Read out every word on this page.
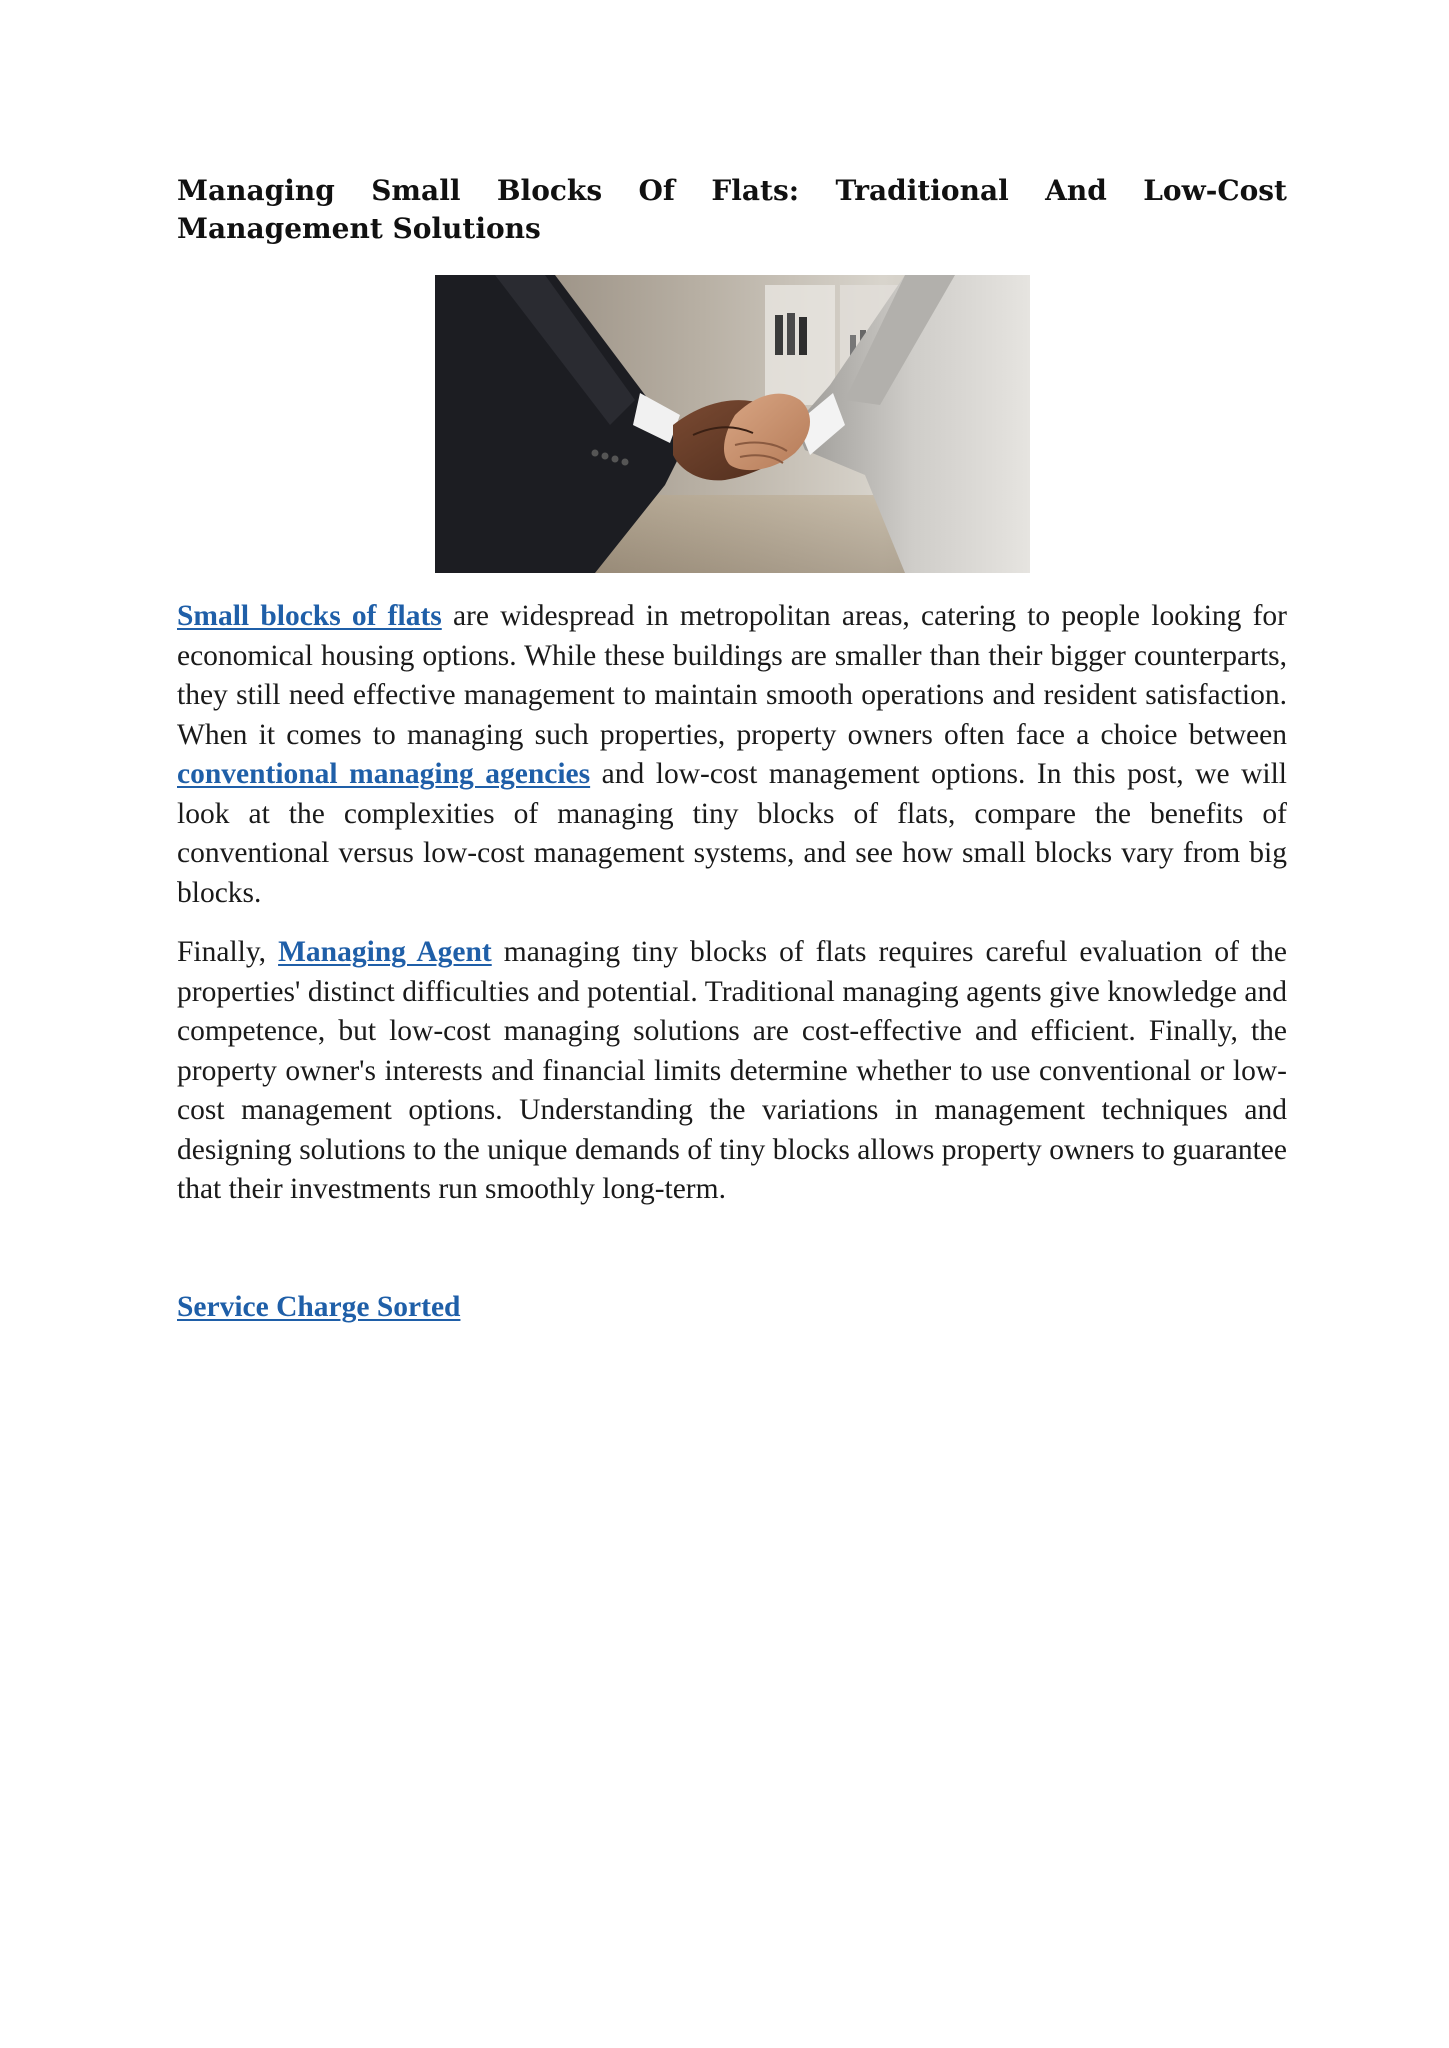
Managing Small Blocks Of Flats: Traditional And Low-Cost Management Solutions

Small blocks of flats are widespread in metropolitan areas, catering to people looking for economical housing options. While these buildings are smaller than their bigger counterparts, they still need effective management to maintain smooth operations and resident satisfaction. When it comes to managing such properties, property owners often face a choice between conventional managing agencies and low-cost management options. In this post, we will look at the complexities of managing tiny blocks of flats, compare the benefits of conventional versus low-cost management systems, and see how small blocks vary from big blocks.

Finally, Managing Agent managing tiny blocks of flats requires careful evaluation of the properties' distinct difficulties and potential. Traditional managing agents give knowledge and competence, but low-cost managing solutions are cost-effective and efficient. Finally, the property owner's interests and financial limits determine whether to use conventional or low-cost management options. Understanding the variations in management techniques and designing solutions to the unique demands of tiny blocks allows property owners to guarantee that their investments run smoothly long-term.

Service Charge Sorted
